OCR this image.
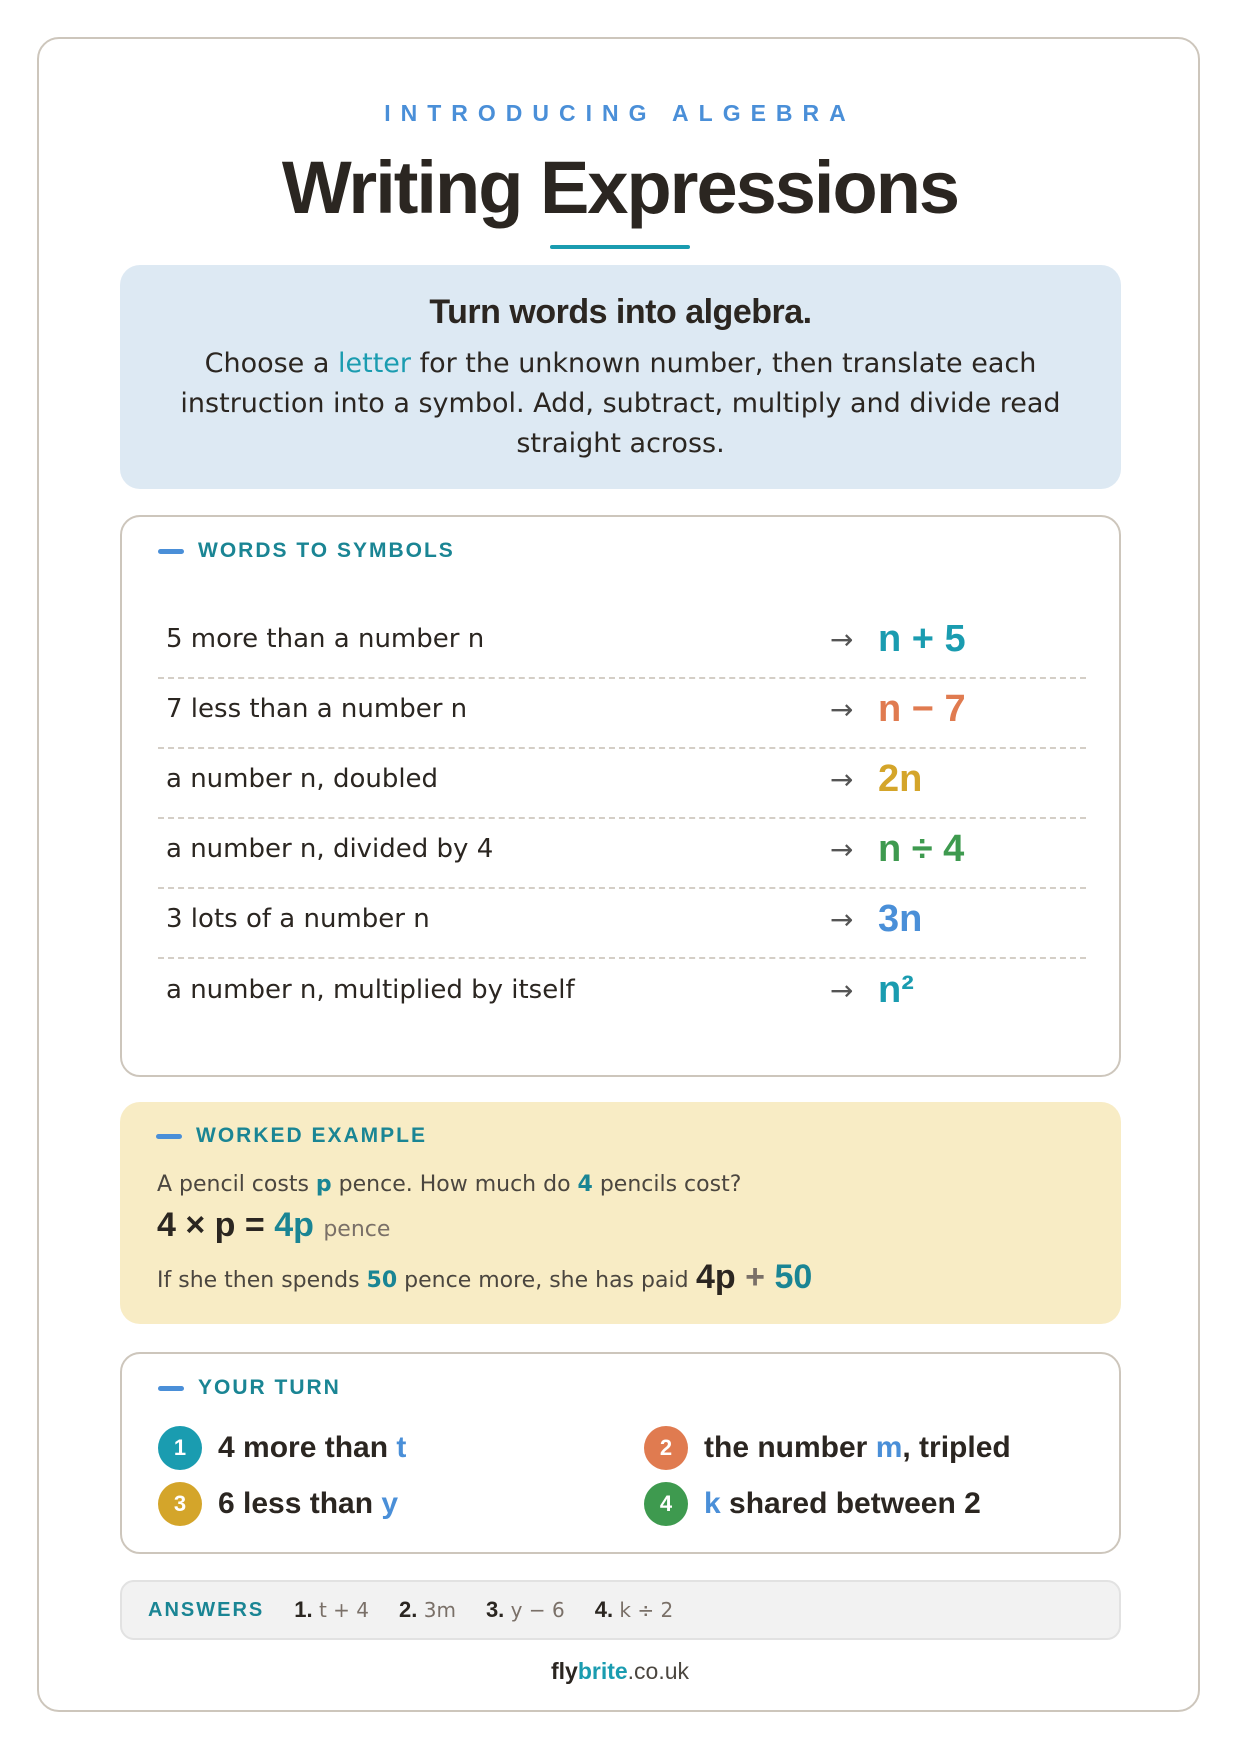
INTRODUCING ALGEBRA
Writing Expressions
Turn words into algebra.

Choose a letter for the unknown number, then translate each instruction into a symbol. Add, subtract, multiply and divide read straight across.

WORDS TO SYMBOLS
5 more than a number n	→ n + 5
7 less than a number n	→ n − 7
a number n, doubled	→ 2n
a number n, divided by 4	→ n ÷ 4
3 lots of a number n	→ 3n
a number n, multiplied by itself	→ n²
WORKED EXAMPLE
A pencil costs p pence. How much do 4 pencils cost?
4 × p = 4p pence
If she then spends 50 pence more, she has paid 4p + 50
YOUR TURN
1	4 more than t	2	the number m, tripled
3	6 less than y	4	k shared between 2
ANSWERS 1. t + 4 2. 3m 3. y − 6 4. k ÷ 2
flybrite.co.uk
